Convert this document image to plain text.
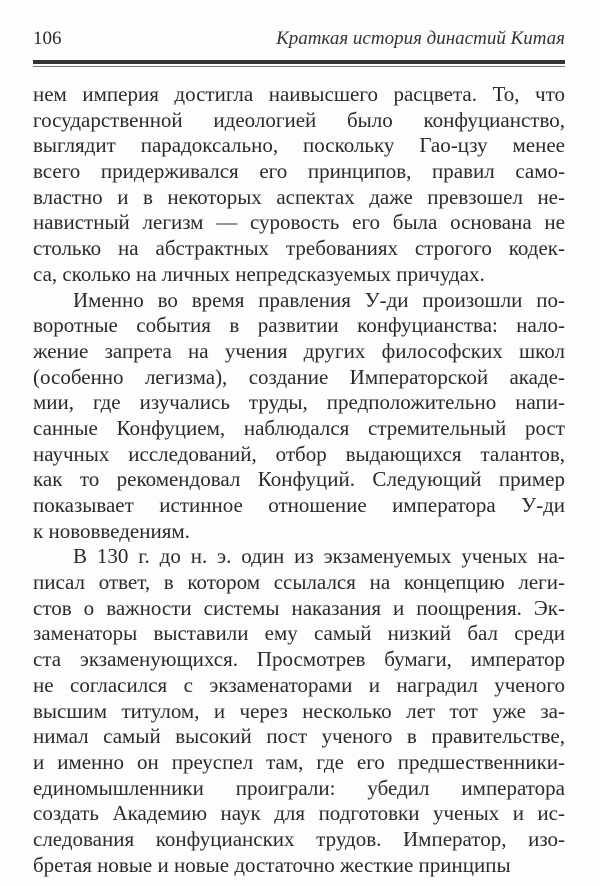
106	Краткая история династий Китая
нем империя достигла наивысшего расцвета. То, что
государственной идеологией было конфуцианство,
выглядит парадоксально, поскольку Гао-цзу менее
всего придерживался его принципов, правил само-
властно и в некоторых аспектах даже превзошел не-
навистный легизм — суровость его была основана не
столько на абстрактных требованиях строгого кодек-
са, сколько на личных непредсказуемых причудах.
Именно во время правления У-ди произошли по-
воротные события в развитии конфуцианства: нало-
жение запрета на учения других философских школ
(особенно легизма), создание Императорской акаде-
мии, где изучались труды, предположительно напи-
санные Конфуцием, наблюдался стремительный рост
научных исследований, отбор выдающихся талантов,
как то рекомендовал Конфуций. Следующий пример
показывает истинное отношение императора У-ди
к нововведениям.
В 130 г. до н. э. один из экзаменуемых ученых на-
писал ответ, в котором ссылался на концепцию леги-
стов о важности системы наказания и поощрения. Эк-
заменаторы выставили ему самый низкий бал среди
ста экзаменующихся. Просмотрев бумаги, император
не согласился с экзаменаторами и наградил ученого
высшим титулом, и через несколько лет тот уже за-
нимал самый высокий пост ученого в правительстве,
и именно он преуспел там, где его предшественники-
единомышленники проиграли: убедил императора
создать Академию наук для подготовки ученых и ис-
следования конфуцианских трудов. Император, изо-
бретая новые и новые достаточно жесткие принципы
